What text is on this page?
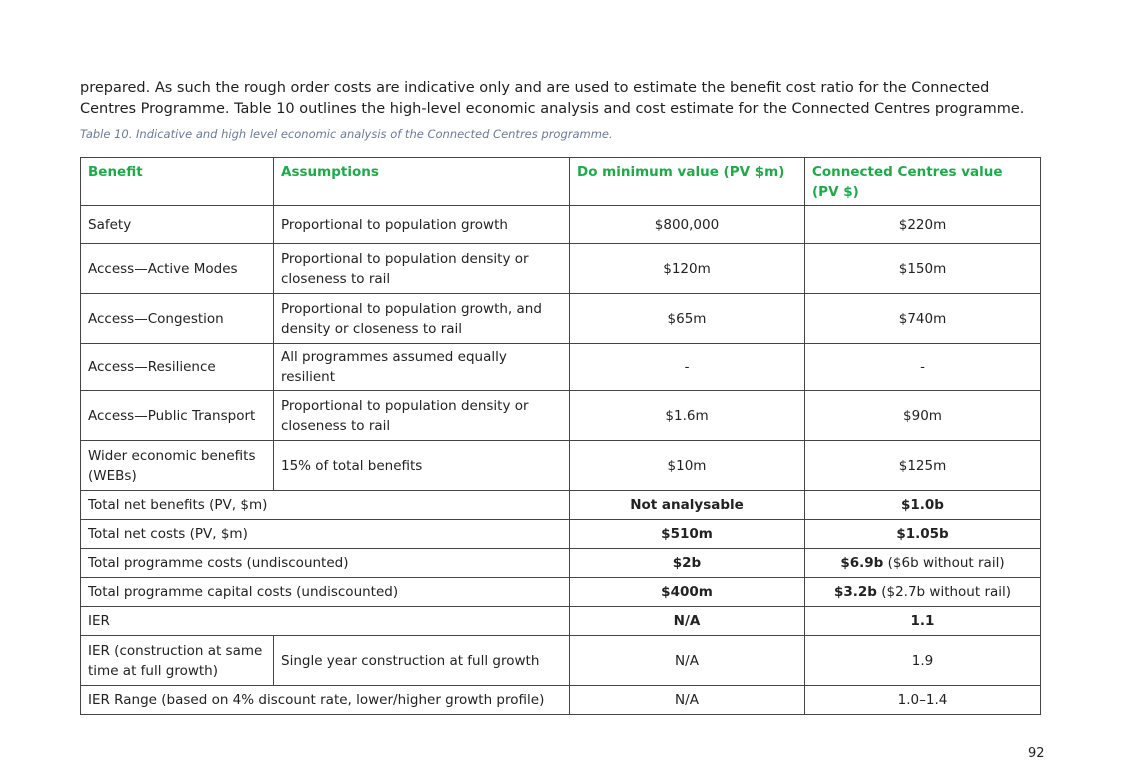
prepared. As such the rough order costs are indicative only and are used to estimate the benefit cost ratio for the Connected Centres Programme. Table 10 outlines the high-level economic analysis and cost estimate for the Connected Centres programme.

Table 10. Indicative and high level economic analysis of the Connected Centres programme.

Benefit	Assumptions	Do minimum value (PV $m)	Connected Centres value (PV $)
Safety	Proportional to population growth	$800,000	$220m
Access—Active Modes	Proportional to population density or closeness to rail	$120m	$150m
Access—Congestion	Proportional to population growth, and density or closeness to rail	$65m	$740m
Access—Resilience	All programmes assumed equally resilient	-	-
Access—Public Transport	Proportional to population density or closeness to rail	$1.6m	$90m
Wider economic benefits (WEBs)	15% of total benefits	$10m	$125m
Total net benefits (PV, $m)		Not analysable	$1.0b
Total net costs (PV, $m)		$510m	$1.05b
Total programme costs (undiscounted)		$2b	$6.9b ($6b without rail)
Total programme capital costs (undiscounted)		$400m	$3.2b ($2.7b without rail)
IER		N/A	1.1
IER (construction at same time at full growth)	Single year construction at full growth	N/A	1.9
IER Range (based on 4% discount rate, lower/higher growth profile)		N/A	1.0–1.4
92
